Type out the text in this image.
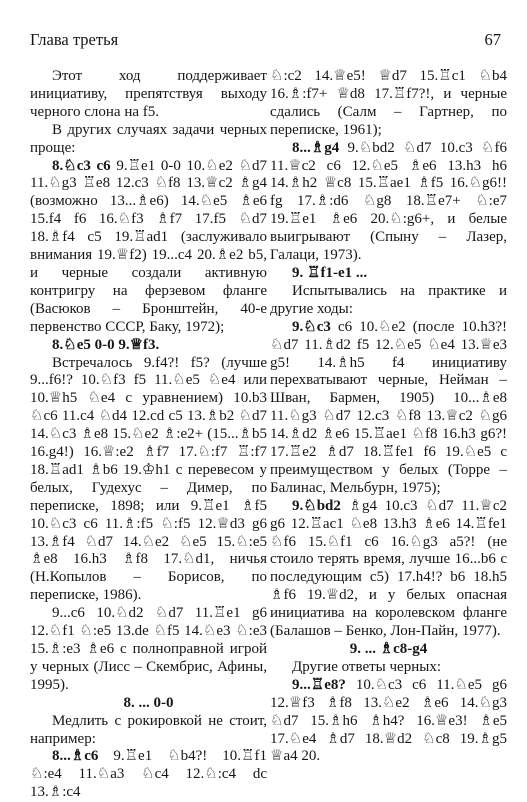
Глава третья	67

Этот ход поддерживает инициативу, препятствуя выходу черного слона на f5.

В других случаях задачи черных проще:

8.♘c3 c6 9.♖e1 0-0 10.♘e2 ♘d7 11.♘g3 ♖e8 12.c3 ♘f8 13.♕c2 ♗g4 (возможно 13...♗e6) 14.♘e5 ♗e6 15.f4 f6 16.♘f3 ♗f7 17.f5 ♘d7 18.♗f4 c5 19.♖ad1 (заслуживало внимания 19.♕f2) 19...c4 20.♗e2 b5, и черные создали активную контригру на ферзевом фланге (Васюков – Бронштейн, 40-е первенство СССР, Баку, 1972);

8.♘e5 0-0 9.♕f3.

Встречалось 9.f4?! f5? (лучше 9...f6!? 10.♘f3 f5 11.♘e5 ♘e4 или 10.♕h5 ♘e4 с уравнением) 10.b3 ♘c6 11.c4 ♘d4 12.cd c5 13.♗b2 ♘d7 14.♘c3 ♗e8 15.♘e2 ♗:e2+ (15...♗b5 16.g4!) 16.♕:e2 ♗f7 17.♘:f7 ♖:f7 18.♖ad1 ♗b6 19.♔h1 с перевесом у белых, Гудехус – Димер, по переписке, 1898; или 9.♖e1 ♗f5 10.♘c3 c6 11.♗:f5 ♘:f5 12.♕d3 g6 13.♗f4 ♘d7 14.♘e2 ♘e5 15.♘:e5 ♗e8 16.h3 ♗f8 17.♘d1, ничья (Н.Копылов – Борисов, по переписке, 1986).

9...c6 10.♘d2 ♘d7 11.♖e1 g6 12.♘f1 ♘:e5 13.de ♘f5 14.♘e3 ♘:e3 15.♗:e3 ♗e6 с полноправной игрой у черных (Лисс – Скембрис, Афины, 1995).

8. ... 0-0

Медлить с рокировкой не стоит, например:

8...♗c6 9.♖e1 ♘b4?! 10.♖f1 ♘:e4 11.♘a3 ♘c4 12.♘:c4 dc 13.♗:c4

♘:c2 14.♕e5! ♕d7 15.♖c1 ♘b4 16.♗:f7+ ♕d8 17.♖f7?!, и черные сдались (Салм – Гартнер, по переписке, 1961);

8...♗g4 9.♘bd2 ♘d7 10.c3 ♘f6 11.♕c2 c6 12.♘e5 ♗e6 13.h3 h6 14.♗h2 ♕c8 15.♖ae1 ♗f5 16.♘g6!! fg 17.♗:d6 ♘g8 18.♖e7+ ♘:e7 19.♖e1 ♗e6 20.♘:g6+, и белые выигрывают (Спыну – Лазер, Галаци, 1973).

9. ♖f1-e1 ...

Испытывались на практике и другие ходы:

9.♘c3 c6 10.♘e2 (после 10.h3?! ♘d7 11.♗d2 f5 12.♘e5 ♘e4 13.♕e3 g5! 14.♗h5 f4 инициативу перехватывают черные, Нейман – Шван, Бармен, 1905) 10...♗e8 11.♘g3 ♘d7 12.c3 ♘f8 13.♕c2 ♘g6 14.♗d2 ♗e6 15.♖ae1 ♘f8 16.h3 g6?! 17.♖e2 ♗d7 18.♖fe1 f6 19.♘e5 с преимуществом у белых (Торре – Балинас, Мельбурн, 1975);

9.♘bd2 ♗g4 10.c3 ♘d7 11.♕c2 g6 12.♖ac1 ♘e8 13.h3 ♗e6 14.♖fe1 ♘f6 15.♘f1 c6 16.♘g3 a5?! (не стоило терять время, лучше 16...b6 с последующим c5) 17.h4!? b6 18.h5 ♗f6 19.♕d2, и у белых опасная инициатива на королевском фланге (Балашов – Бенко, Лон-Пайн, 1977).

9. ... ♗c8-g4

Другие ответы черных:

9...♖e8? 10.♘c3 c6 11.♘e5 g6 12.♕f3 ♗f8 13.♘e2 ♗e6 14.♘g3 ♘d7 15.♗h6 ♗h4? 16.♕e3! ♗e5 17.♘e4 ♗d7 18.♕d2 ♘c8 19.♗g5 ♕a4 20.
